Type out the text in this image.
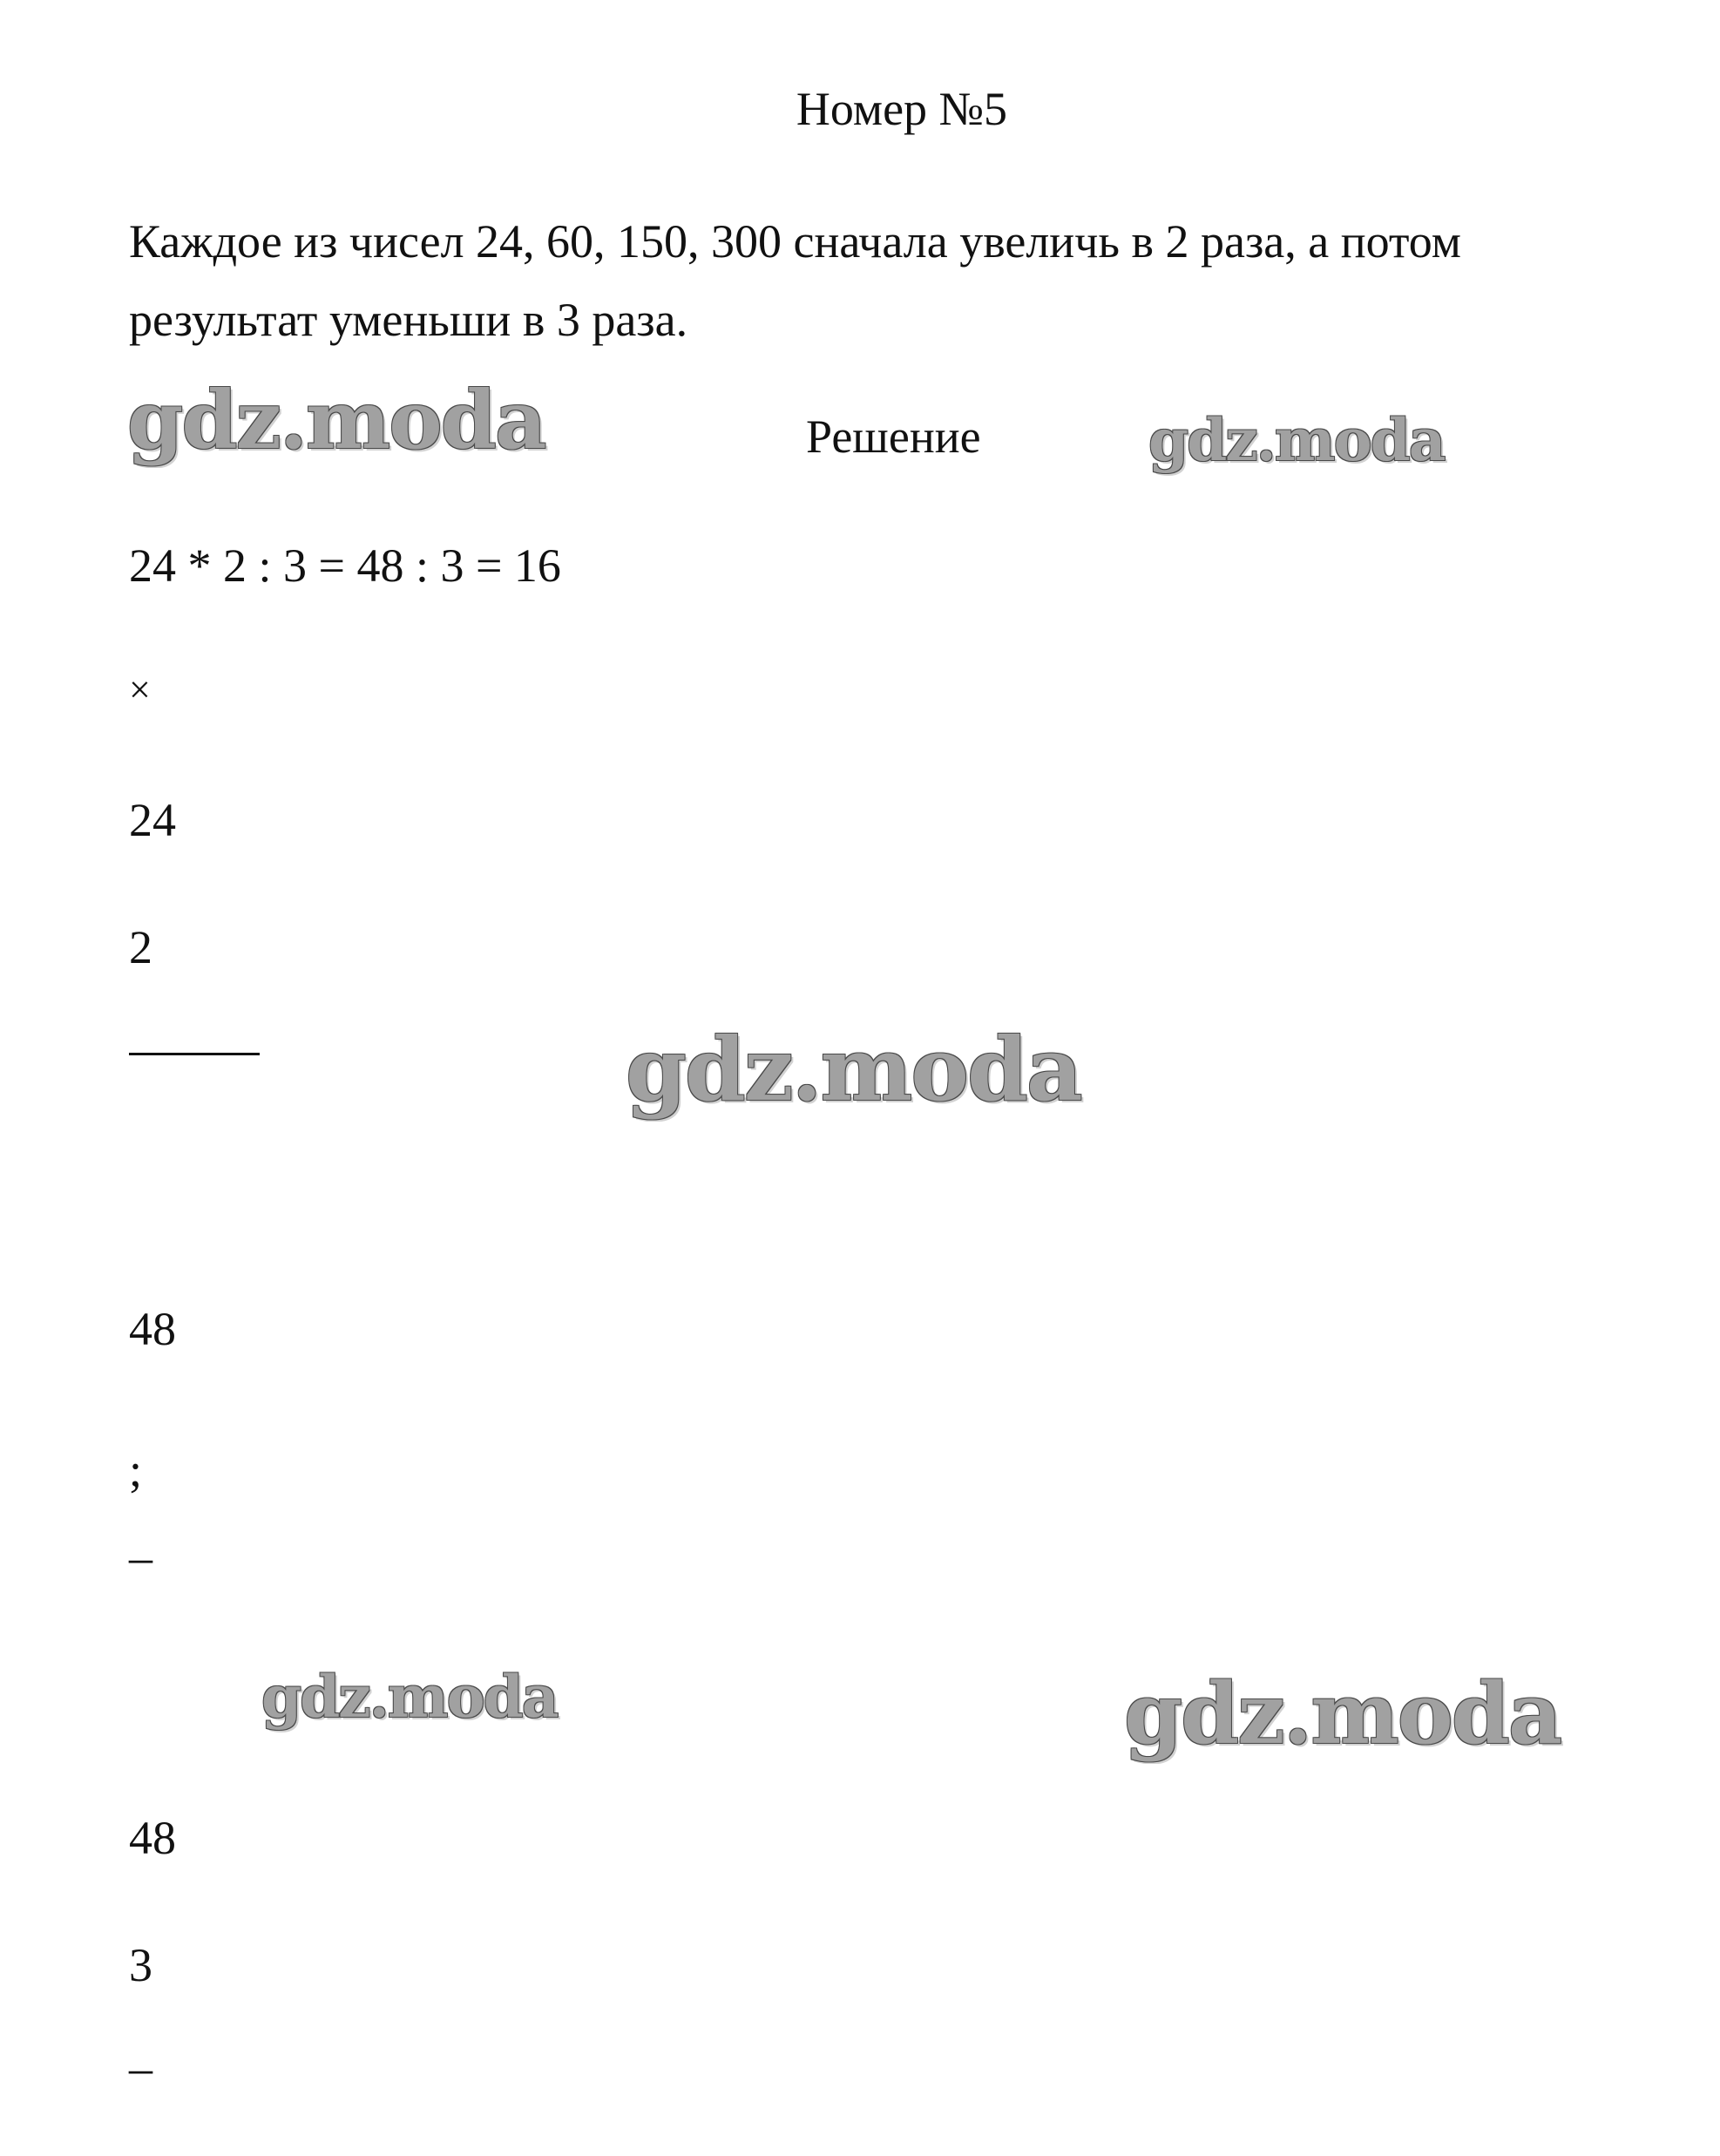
Номер №5
Каждое из чисел 24, 60, 150, 300 сначала увеличь в 2 раза, а потом результат уменьши в 3 раза.
gdz.moda	Решение	gdz.moda
24 * 2 : 3 = 48 : 3 = 16
×
24
2
gdz.moda
48
;
–
gdz.moda	gdz.moda
48
3
–
